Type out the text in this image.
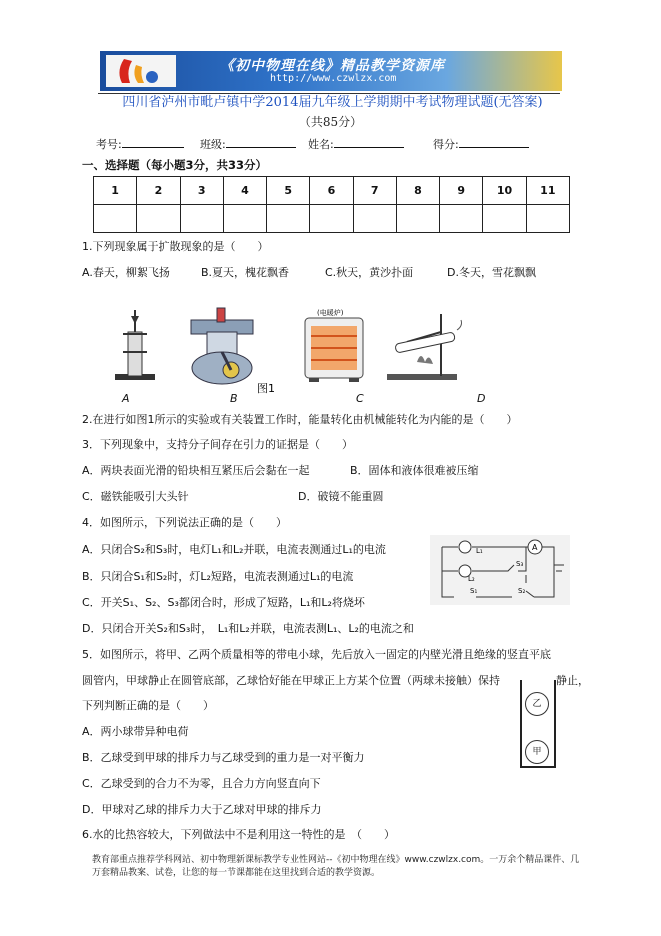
《初中物理在线》精品教学资源库
http://www.czwlzx.com
四川省泸州市毗卢镇中学2014届九年级上学期期中考试物理试题(无答案)
（共85分）
考号:	班级:	姓名:	得分:
一、选择题（每小题3分，共33分）
1	2	3	4	5	6	7	8	9	10	11

1.下列现象属于扩散现象的是（　　）
A.春天，柳絮飞扬	B.夏天，槐花飘香	C.秋天，黄沙扑面	D.冬天，雪花飘飘
(电暖炉)
图1
A	B	C	D
2.在进行如图1所示的实验或有关装置工作时，能量转化由机械能转化为内能的是（　　）
3．下列现象中，支持分子间存在引力的证据是（　　）
A．两块表面光滑的铅块相互紧压后会黏在一起	B．固体和液体很难被压缩
C．磁铁能吸引大头针	D．破镜不能重圆
4．如图所示，下列说法正确的是（　　）
A．只闭合S₂和S₃时，电灯L₁和L₂并联，电流表测通过L₁的电流
B．只闭合S₁和S₂时，灯L₂短路，电流表测通过L₁的电流
C．开关S₁、S₂、S₃都闭合时，形成了短路，L₁和L₂将烧坏
D．只闭合开关S₂和S₃时，　L₁和L₂并联，电流表测L₁、L₂的电流之和
A
L₁
L₂
S₃
S₁	S₂
5．如图所示，将甲、乙两个质量相等的带电小球，先后放入一固定的内壁光滑且绝缘的竖直平底
圆管内，甲球静止在圆管底部，乙球恰好能在甲球正上方某个位置（两球未接触）保持	静止，
下列判断正确的是（　　）
A．两小球带异种电荷
B．乙球受到甲球的排斥力与乙球受到的重力是一对平衡力
C．乙球受到的合力不为零，且合力方向竖直向下
D．甲球对乙球的排斥力大于乙球对甲球的排斥力
乙
甲
6.水的比热容较大，下列做法中不是利用这一特性的是　（　　）
教育部重点推荐学科网站、初中物理新课标教学专业性网站--《初中物理在线》www.czwlzx.com。一万余个精品课件、几万套精品教案、试卷，让您的每一节课都能在这里找到合适的教学资源。
